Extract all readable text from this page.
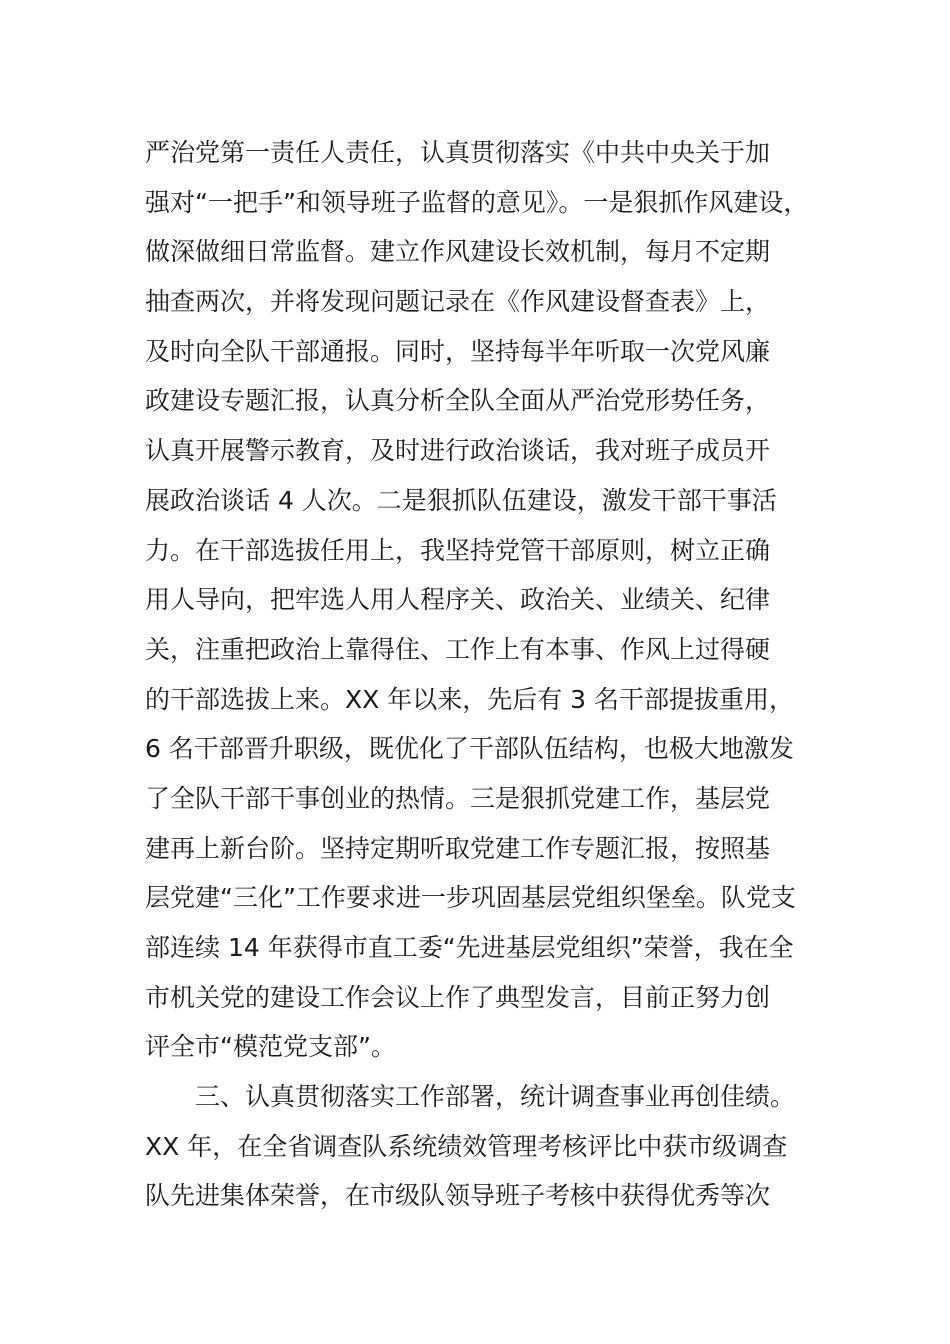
严治党第一责任人责任，认真贯彻落实《中共中央关于加
强对“一把手”和领导班子监督的意见》。一是狠抓作风建设，
做深做细日常监督。建立作风建设长效机制，每月不定期
抽查两次，并将发现问题记录在《作风建设督查表》上，
及时向全队干部通报。同时，坚持每半年听取一次党风廉
政建设专题汇报，认真分析全队全面从严治党形势任务，
认真开展警示教育，及时进行政治谈话，我对班子成员开
展政治谈话 4 人次。二是狠抓队伍建设，激发干部干事活
力。在干部选拔任用上，我坚持党管干部原则，树立正确
用人导向，把牢选人用人程序关、政治关、业绩关、纪律
关，注重把政治上靠得住、工作上有本事、作风上过得硬
的干部选拔上来。XX 年以来，先后有 3 名干部提拔重用，
6 名干部晋升职级，既优化了干部队伍结构，也极大地激发
了全队干部干事创业的热情。三是狠抓党建工作，基层党
建再上新台阶。坚持定期听取党建工作专题汇报，按照基
层党建“三化”工作要求进一步巩固基层党组织堡垒。队党支
部连续 14 年获得市直工委“先进基层党组织”荣誉，我在全
市机关党的建设工作会议上作了典型发言，目前正努力创
评全市“模范党支部”。
三、认真贯彻落实工作部署，统计调查事业再创佳绩。
XX 年，在全省调查队系统绩效管理考核评比中获市级调查
队先进集体荣誉，在市级队领导班子考核中获得优秀等次
